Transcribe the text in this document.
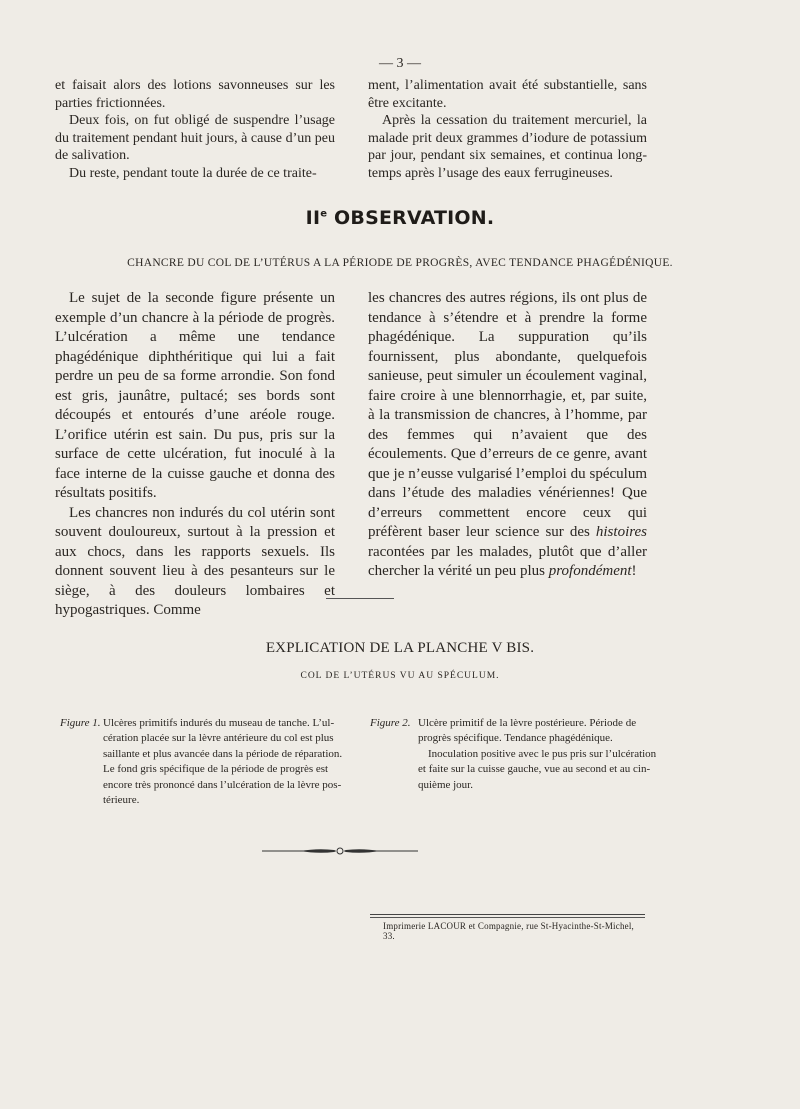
— 3 —

et faisait alors des lotions savonneuses sur les parties frictionnées.

Deux fois, on fut obligé de suspendre l’usage du traitement pendant huit jours, à cause d’un peu de salivation.

Du reste, pendant toute la durée de ce traite-

ment, l’alimentation avait été substantielle, sans être excitante.

Après la cessation du traitement mercuriel, la malade prit deux grammes d’iodure de potassium par jour, pendant six semaines, et continua long-temps après l’usage des eaux ferrugineuses.

IIe OBSERVATION.
CHANCRE DU COL DE L’UTÉRUS A LA PÉRIODE DE PROGRÈS, AVEC TENDANCE PHAGÉDÉNIQUE.

Le sujet de la seconde figure présente un exemple d’un chancre à la période de progrès. L’ulcération a même une tendance phagédénique diphthéritique qui lui a fait perdre un peu de sa forme arrondie. Son fond est gris, jaunâtre, pultacé; ses bords sont découpés et entourés d’une aréole rouge. L’orifice utérin est sain. Du pus, pris sur la surface de cette ulcération, fut inoculé à la face interne de la cuisse gauche et donna des résultats positifs.

Les chancres non indurés du col utérin sont souvent douloureux, surtout à la pression et aux chocs, dans les rapports sexuels. Ils donnent souvent lieu à des pesanteurs sur le siège, à des douleurs lombaires et hypogastriques. Comme

les chancres des autres régions, ils ont plus de tendance à s’étendre et à prendre la forme phagédénique. La suppuration qu’ils fournissent, plus abondante, quelquefois sanieuse, peut simuler un écoulement vaginal, faire croire à une blennorrhagie, et, par suite, à la transmission de chancres, à l’homme, par des femmes qui n’avaient que des écoulements. Que d’erreurs de ce genre, avant que je n’eusse vulgarisé l’emploi du spéculum dans l’étude des maladies vénériennes! Que d’erreurs commettent encore ceux qui préfèrent baser leur science sur des histoires racontées par les malades, plutôt que d’aller chercher la vérité un peu plus profondément!

EXPLICATION DE LA PLANCHE V BIS.
COL DE L’UTÉRUS VU AU SPÉCULUM.
Figure 1. Ulcères primitifs indurés du museau de tanche. L’ul-
cération placée sur la lèvre antérieure du col est plus
saillante et plus avancée dans la période de réparation.
Le fond gris spécifique de la période de progrès est
encore très prononcé dans l’ulcération de la lèvre pos-
térieure.
Figure 2. Ulcère primitif de la lèvre postérieure. Période de
progrès spécifique. Tendance phagédénique.
Inoculation positive avec le pus pris sur l’ulcération
et faite sur la cuisse gauche, vue au second et au cin-
quième jour.
Imprimerie LACOUR et Compagnie, rue St-Hyacinthe-St-Michel, 33.
